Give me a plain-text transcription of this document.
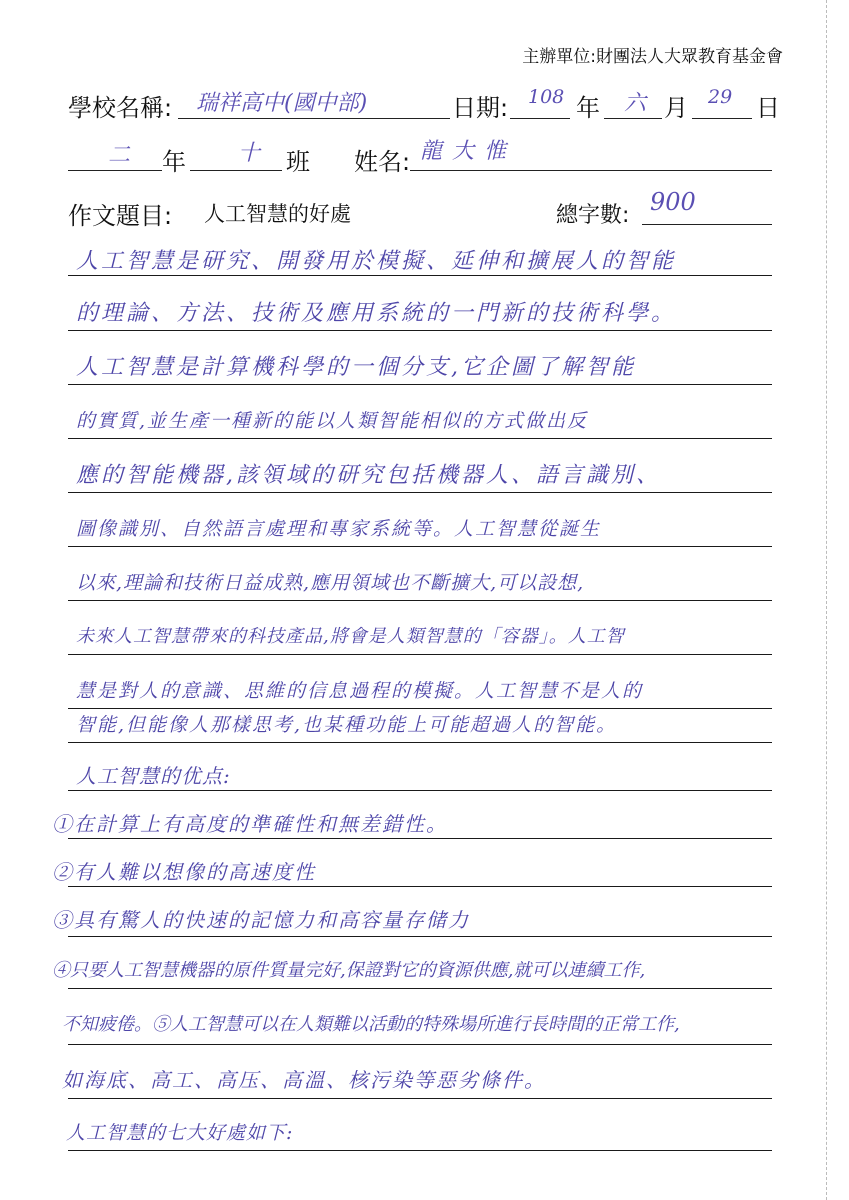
主辦單位:財團法人大眾教育基金會
學校名稱: 瑞祥高中(國中部)	日期: 108 年 六 月 29 日
二 年 十 班 姓名: 龍大惟
作文題目: 人工智慧的好處	總字數: 900
人工智慧是研究、開發用於模擬、延伸和擴展人的智能
的理論、方法、技術及應用系統的一門新的技術科學。
人工智慧是計算機科學的一個分支,它企圖了解智能
的實質,並生產一種新的能以人類智能相似的方式做出反
應的智能機器,該領域的研究包括機器人、語言識別、
圖像識別、自然語言處理和專家系統等。人工智慧從誕生
以來,理論和技術日益成熟,應用領域也不斷擴大,可以設想,
未來人工智慧帶來的科技產品,將會是人類智慧的「容器」。人工智
慧是對人的意識、思維的信息過程的模擬。人工智慧不是人的
智能,但能像人那樣思考,也某種功能上可能超過人的智能。
人工智慧的优点:
①在計算上有高度的準確性和無差錯性。
②有人難以想像的高速度性
③具有驚人的快速的記憶力和高容量存储力
④只要人工智慧機器的原件質量完好,保證對它的資源供應,就可以連續工作,
不知疲倦。⑤人工智慧可以在人類難以活動的特殊場所進行長時間的正常工作,
如海底、高工、高压、高溫、核污染等惡劣條件。
人工智慧的七大好處如下:
